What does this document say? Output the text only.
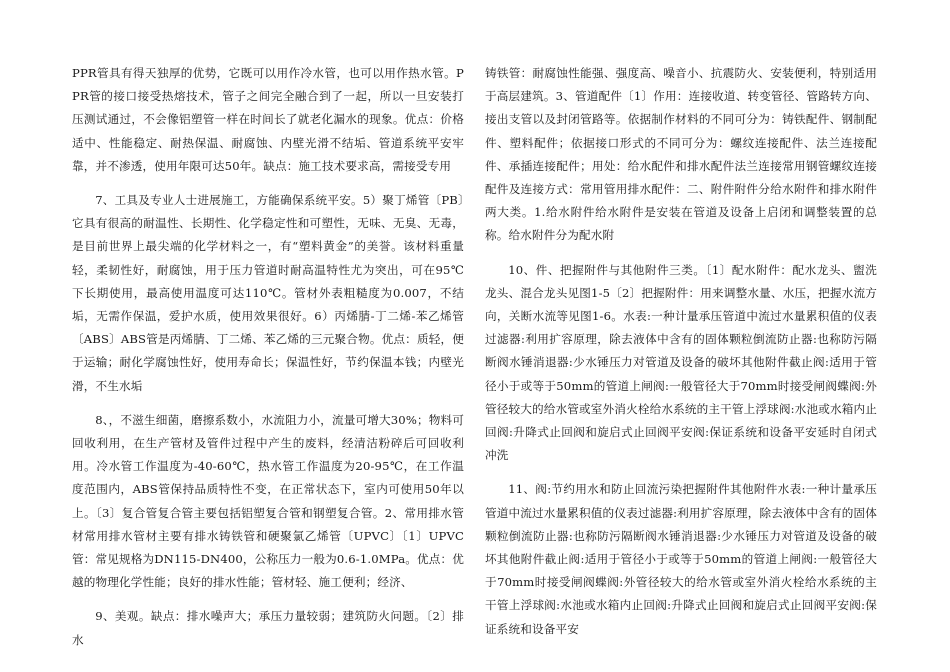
PPR管具有得天独厚的优势，它既可以用作冷水管，也可以用作热水管。PPR管的接口接受热熔技术，管子之间完全融合到了一起，所以一旦安装打压测试通过，不会像铝塑管一样在时间长了就老化漏水的现象。优点：价格适中、性能稳定、耐热保温、耐腐蚀、内壁光滑不结垢、管道系统平安牢靠，并不渗透，使用年限可达50年。缺点：施工技术要求高，需接受专用

7、工具及专业人士进展施工，方能确保系统平安。5）聚丁烯管〔PB〕它具有很高的耐温性、长期性、化学稳定性和可塑性，无味、无臭、无毒，是目前世界上最尖端的化学材料之一，有“塑料黄金”的美誉。该材料重量轻，柔韧性好，耐腐蚀，用于压力管道时耐高温特性尤为突出，可在95℃下长期使用，最高使用温度可达110℃。管材外表粗糙度为0.007，不结垢，无需作保温，爱护水质，使用效果很好。6）丙烯腈-丁二烯-苯乙烯管〔ABS〕ABS管是丙烯腈、丁二烯、苯乙烯的三元聚合物。优点：质轻，便于运输；耐化学腐蚀性好，使用寿命长；保温性好，节约保温本钱；内壁光滑，不生水垢

8、，不滋生细菌，磨擦系数小，水流阻力小，流量可增大30%；物料可回收利用，在生产管材及管件过程中产生的废料，经清洁粉碎后可回收利用。冷水管工作温度为-40-60℃，热水管工作温度为20-95℃，在工作温度范围内，ABS管保持品质特性不变，在正常状态下，室内可使用50年以上。〔3〕复合管复合管主要包括铝塑复合管和钢塑复合管。2、常用排水管材常用排水管材主要有排水铸铁管和硬聚氯乙烯管〔UPVC〕〔1〕UPVC管：常见规格为DN115-DN400，公称压力一般为0.6-1.0MPa。优点：优越的物理化学性能；良好的排水性能；管材轻、施工便利；经济、

9、美观。缺点：排水噪声大；承压力量较弱；建筑防火问题。〔2〕排水

铸铁管：耐腐蚀性能强、强度高、噪音小、抗震防火、安装便利，特别适用于高层建筑。3、管道配件〔1〕作用：连接收道、转变管径、管路转方向、接出支管以及封闭管路等。依据制作材料的不同可分为：铸铁配件、钢制配件、塑料配件；依据接口形式的不同可分为：螺纹连接配件、法兰连接配件、承插连接配件；用处：给水配件和排水配件法兰连接常用钢管螺纹连接配件及连接方式：常用管用排水配件：二、附件附件分给水附件和排水附件两大类。1.给水附件给水附件是安装在管道及设备上启闭和调整装置的总称。给水附件分为配水附

10、件、把握附件与其他附件三类。〔1〕配水附件：配水龙头、盥洗龙头、混合龙头见图1-5〔2〕把握附件：用来调整水量、水压，把握水流方向，关断水流等见图1-6。水表:一种计量承压管道中流过水量累积值的仪表过滤器:利用扩容原理，除去液体中含有的固体颗粒倒流防止器:也称防污隔断阀水锤消退器:少水锤压力对管道及设备的破坏其他附件截止阀:适用于管径小于或等于50mm的管道上闸阀:一般管径大于70mm时接受闸阀蝶阀:外管径较大的给水管或室外消火栓给水系统的主干管上浮球阀:水池或水箱内止回阀:升降式止回阀和旋启式止回阀平安阀:保证系统和设备平安延时自闭式冲洗

11、阀:节约用水和防止回流污染把握附件其他附件水表:一种计量承压管道中流过水量累积值的仪表过滤器:利用扩容原理，除去液体中含有的固体颗粒倒流防止器:也称防污隔断阀水锤消退器:少水锤压力对管道及设备的破坏其他附件截止阀:适用于管径小于或等于50mm的管道上闸阀:一般管径大于70mm时接受闸阀蝶阀:外管径较大的给水管或室外消火栓给水系统的主干管上浮球阀:水池或水箱内止回阀:升降式止回阀和旋启式止回阀平安阀:保证系统和设备平安
